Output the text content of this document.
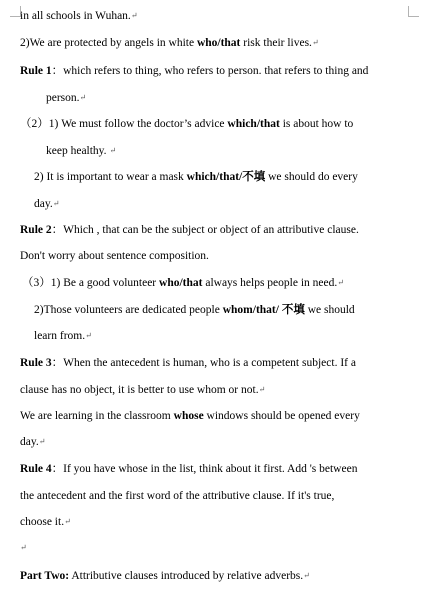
in all schools in Wuhan.↵
2)We are protected by angels in white who/that risk their lives.↵
Rule 1：which refers to thing, who refers to person. that refers to thing and
person.↵
（2）1) We must follow the doctor’s advice which/that is about how to
keep healthy. ↵
2) It is important to wear a mask which/that/不填 we should do every
day.↵
Rule 2：Which , that can be the subject or object of an attributive clause.
Don't worry about sentence composition.
（3）1) Be a good volunteer who/that always helps people in need.↵
2)Those volunteers are dedicated people whom/that/ 不填 we should
learn from.↵
Rule 3：When the antecedent is human, who is a competent subject. If a
clause has no object, it is better to use whom or not.↵
We are learning in the classroom whose windows should be opened every
day.↵
Rule 4：If you have whose in the list, think about it first. Add 's between
the antecedent and the first word of the attributive clause. If it's true,
choose it.↵
↵
Part Two: Attributive clauses introduced by relative adverbs.↵
